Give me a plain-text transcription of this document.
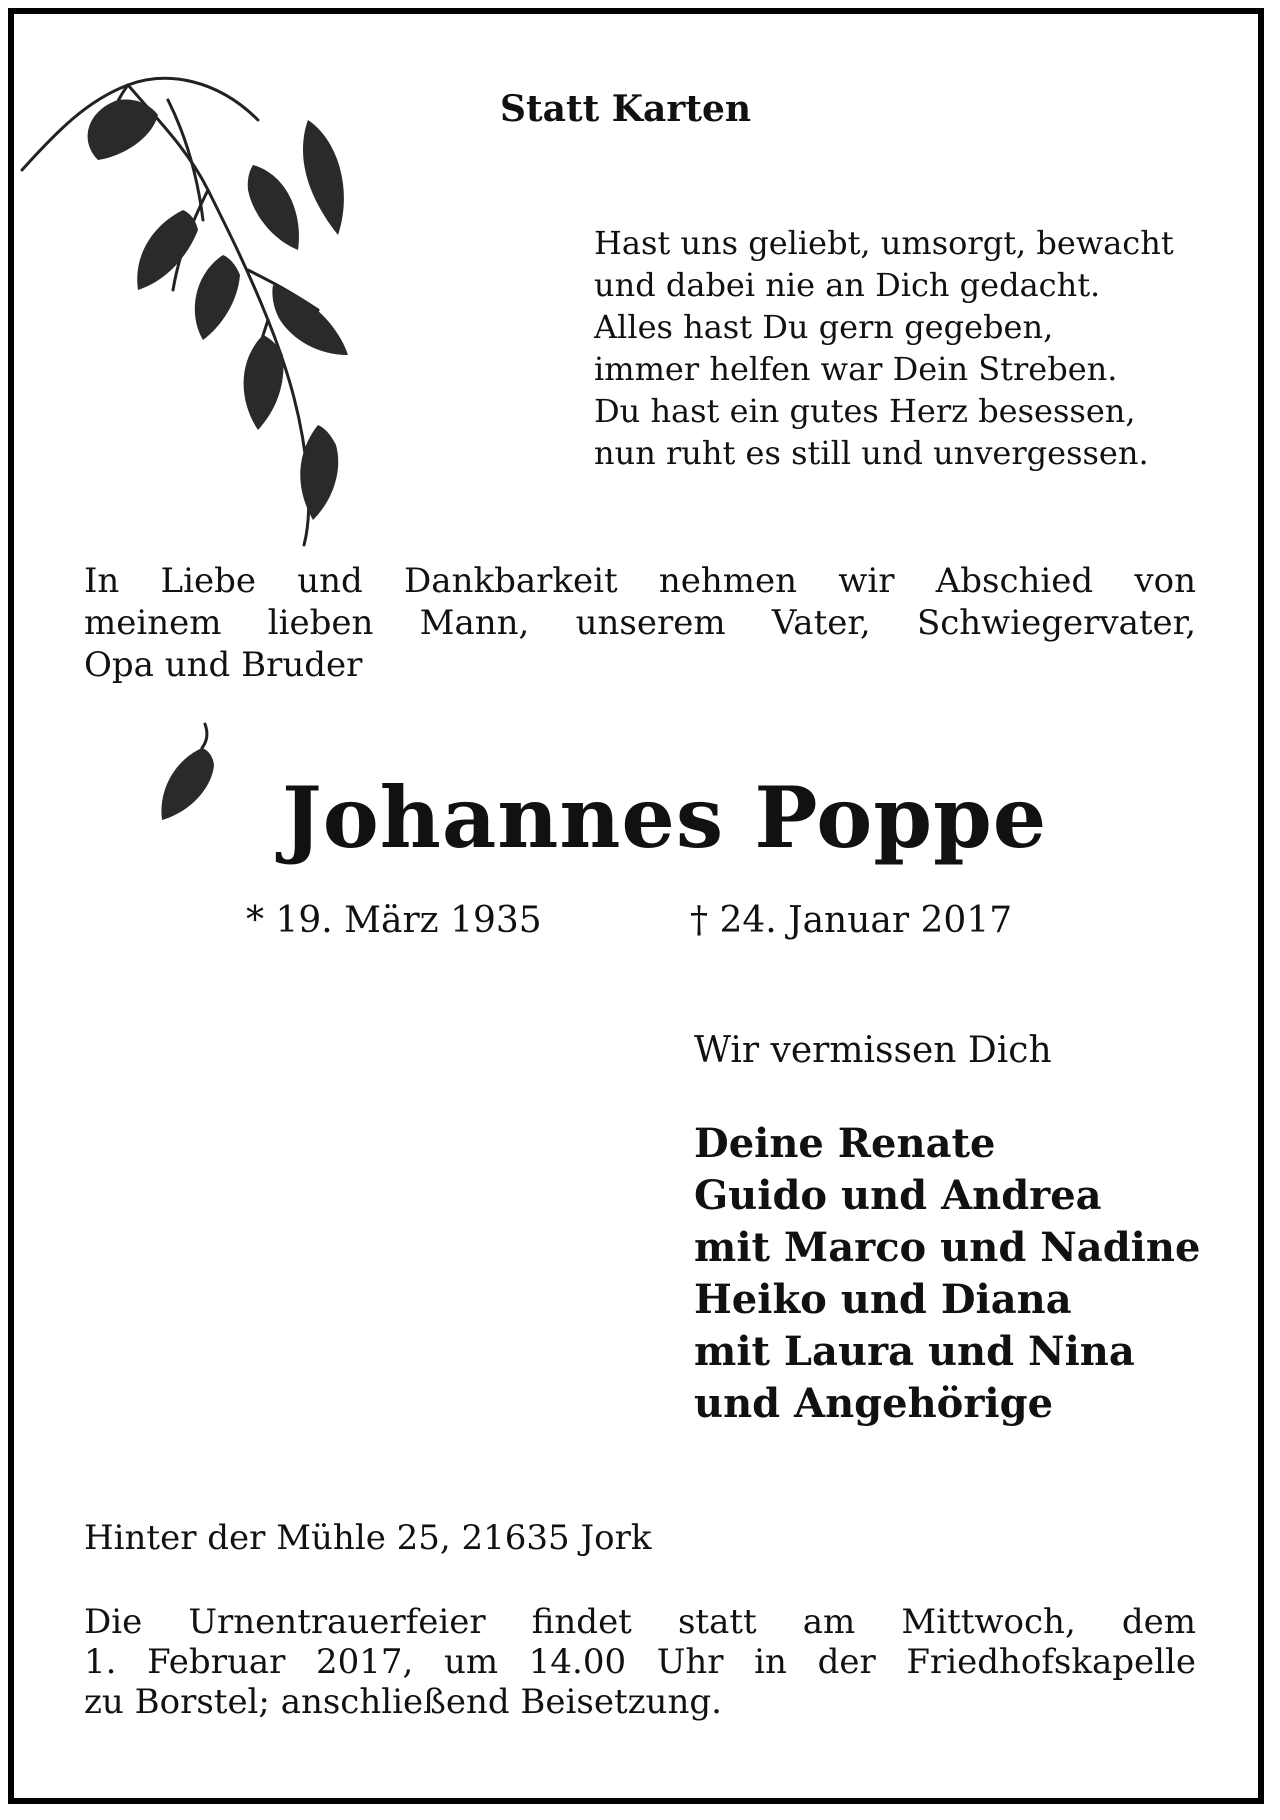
Statt Karten
Hast uns geliebt, umsorgt, bewacht
und dabei nie an Dich gedacht.
Alles hast Du gern gegeben,
immer helfen war Dein Streben.
Du hast ein gutes Herz besessen,
nun ruht es still und unvergessen.
In Liebe und Dankbarkeit nehmen wir Abschied von
meinem lieben Mann, unserem Vater, Schwiegervater,
Opa und Bruder
Johannes Poppe
* 19. März 1935	† 24. Januar 2017
Wir vermissen Dich
Deine Renate
Guido und Andrea
mit Marco und Nadine
Heiko und Diana
mit Laura und Nina
und Angehörige
Hinter der Mühle 25, 21635 Jork
Die Urnentrauerfeier findet statt am Mittwoch, dem
1. Februar 2017, um 14.00 Uhr in der Friedhofskapelle
zu Borstel; anschließend Beisetzung.
